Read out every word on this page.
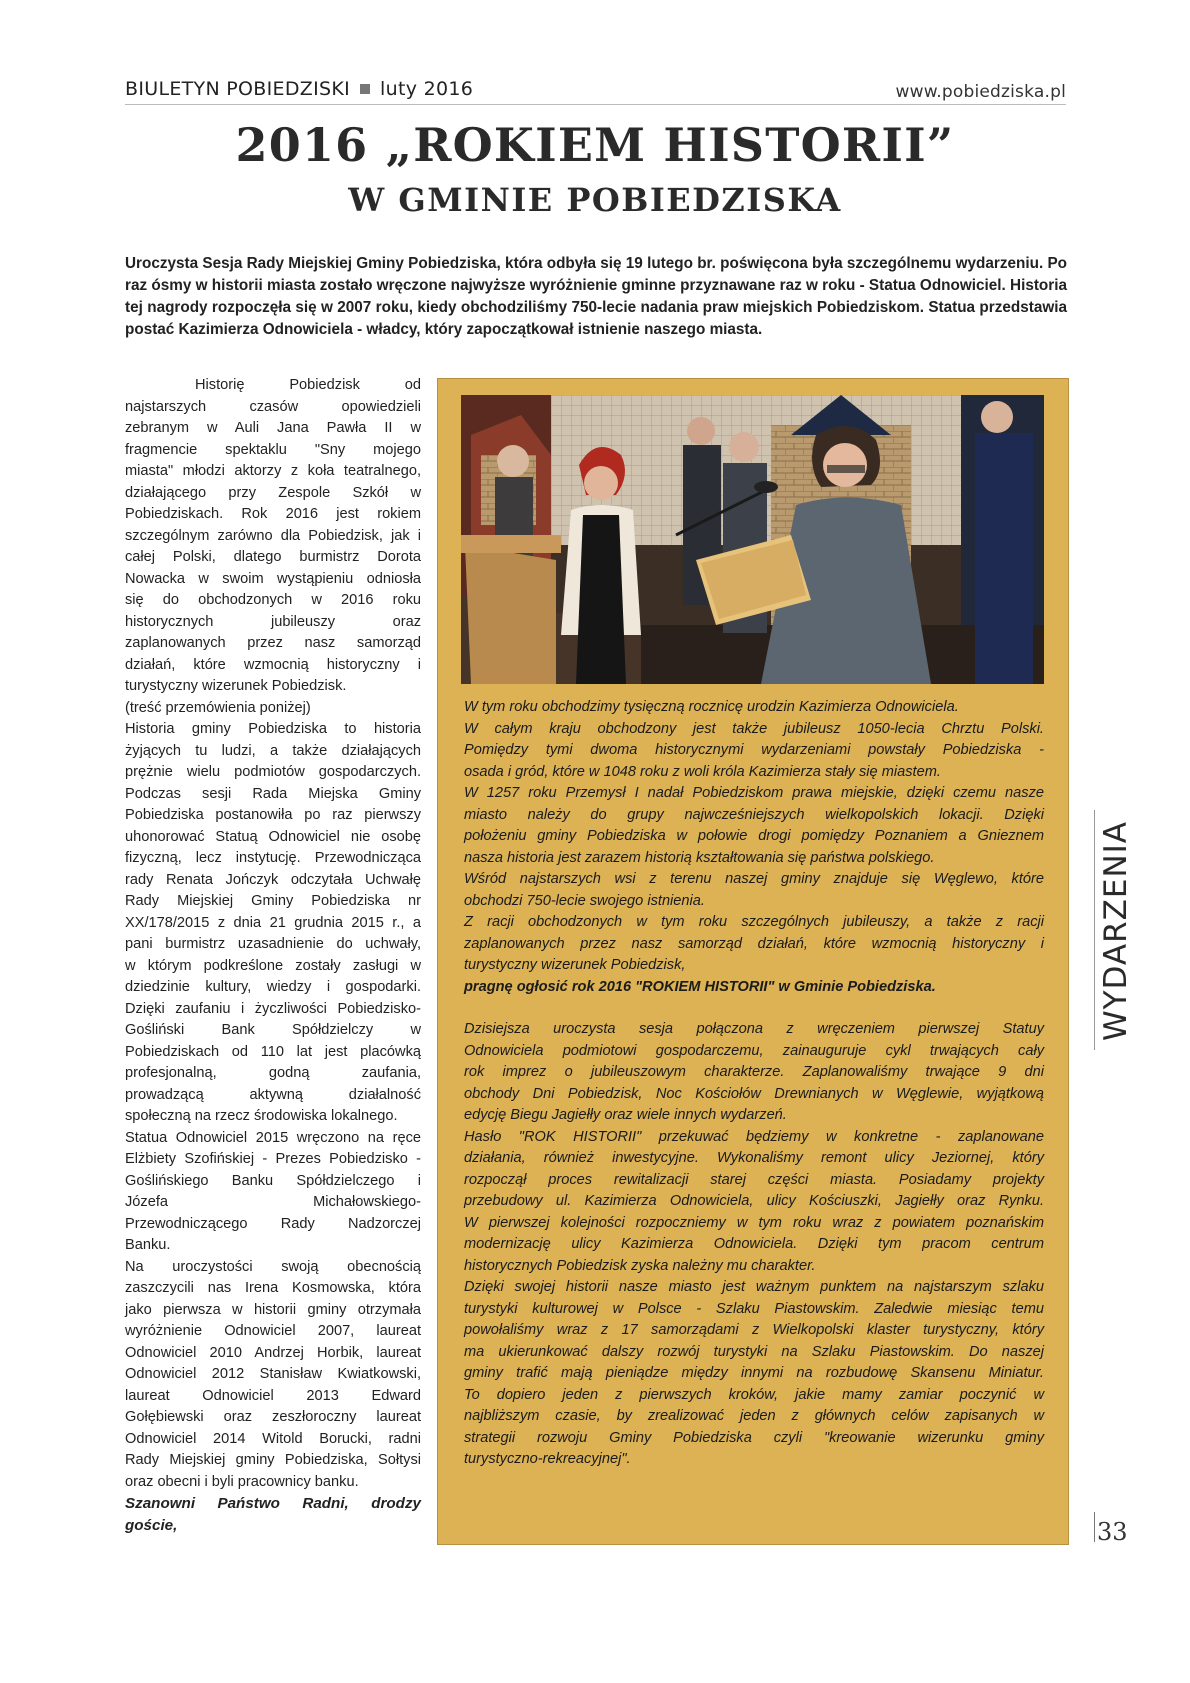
BIULETYN POBIEDZISKI luty 2016	www.pobiedziska.pl
2016 „ROKIEM HISTORII”
W GMINIE POBIEDZISKA
Uroczysta Sesja Rady Miejskiej Gminy Pobiedziska, która odbyła się 19 lutego br. poświęcona była szczególnemu wydarzeniu. Po
raz ósmy w historii miasta zostało wręczone najwyższe wyróżnienie gminne przyznawane raz w roku - Statua Odnowiciel. Historia
tej nagrody rozpoczęła się w 2007 roku, kiedy obchodziliśmy 750-lecie nadania praw miejskich Pobiedziskom. Statua przedstawia
postać Kazimierza Odnowiciela - władcy, który zapoczątkował istnienie naszego miasta.
Historię Pobiedzisk od
najstarszych czasów opowiedzieli
zebranym w Auli Jana Pawła II w
fragmencie spektaklu "Sny mojego
miasta" młodzi aktorzy z koła teatralnego,
działającego przy Zespole Szkół w
Pobiedziskach. Rok 2016 jest rokiem
szczególnym zarówno dla Pobiedzisk, jak i
całej Polski, dlatego burmistrz Dorota
Nowacka w swoim wystąpieniu odniosła
się do obchodzonych w 2016 roku
historycznych jubileuszy oraz
zaplanowanych przez nasz samorząd
działań, które wzmocnią historyczny i
turystyczny wizerunek Pobiedzisk.
(treść przemówienia poniżej)
Historia gminy Pobiedziska to historia
żyjących tu ludzi, a także działających
prężnie wielu podmiotów gospodarczych.
Podczas sesji Rada Miejska Gminy
Pobiedziska postanowiła po raz pierwszy
uhonorować Statuą Odnowiciel nie osobę
fizyczną, lecz instytucję. Przewodnicząca
rady Renata Jończyk odczytała Uchwałę
Rady Miejskiej Gminy Pobiedziska nr
XX/178/2015 z dnia 21 grudnia 2015 r., a
pani burmistrz uzasadnienie do uchwały,
w którym podkreślone zostały zasługi w
dziedzinie kultury, wiedzy i gospodarki.
Dzięki zaufaniu i życzliwości Pobiedzisko-
Gośliński Bank Spółdzielczy w
Pobiedziskach od 110 lat jest placówką
profesjonalną, godną zaufania,
prowadzącą aktywną działalność
społeczną na rzecz środowiska lokalnego.
Statua Odnowiciel 2015 wręczono na ręce
Elżbiety Szofińskiej - Prezes Pobiedzisko -
Goślińskiego Banku Spółdzielczego i
Józefa Michałowskiego-
Przewodniczącego Rady Nadzorczej
Banku.
Na uroczystości swoją obecnością
zaszczycili nas Irena Kosmowska, która
jako pierwsza w historii gminy otrzymała
wyróżnienie Odnowiciel 2007, laureat
Odnowiciel 2010 Andrzej Horbik, laureat
Odnowiciel 2012 Stanisław Kwiatkowski,
laureat Odnowiciel 2013 Edward
Gołębiewski oraz zeszłoroczny laureat
Odnowiciel 2014 Witold Borucki, radni
Rady Miejskiej gminy Pobiedziska, Sołtysi
oraz obecni i byli pracownicy banku.
Szanowni Państwo Radni, drodzy
goście,
W tym roku obchodzimy tysięczną rocznicę urodzin Kazimierza Odnowiciela.
W całym kraju obchodzony jest także jubileusz 1050-lecia Chrztu Polski.
Pomiędzy tymi dwoma historycznymi wydarzeniami powstały Pobiedziska -
osada i gród, które w 1048 roku z woli króla Kazimierza stały się miastem.
W 1257 roku Przemysł I nadał Pobiedziskom prawa miejskie, dzięki czemu nasze
miasto należy do grupy najwcześniejszych wielkopolskich lokacji. Dzięki
położeniu gminy Pobiedziska w połowie drogi pomiędzy Poznaniem a Gnieznem
nasza historia jest zarazem historią kształtowania się państwa polskiego.
Wśród najstarszych wsi z terenu naszej gminy znajduje się Węglewo, które
obchodzi 750-lecie swojego istnienia.
Z racji obchodzonych w tym roku szczególnych jubileuszy, a także z racji
zaplanowanych przez nasz samorząd działań, które wzmocnią historyczny i
turystyczny wizerunek Pobiedzisk,
pragnę ogłosić rok 2016 "ROKIEM HISTORII" w Gminie Pobiedziska.
Dzisiejsza uroczysta sesja połączona z wręczeniem pierwszej Statuy
Odnowiciela podmiotowi gospodarczemu, zainauguruje cykl trwających cały
rok imprez o jubileuszowym charakterze. Zaplanowaliśmy trwające 9 dni
obchody Dni Pobiedzisk, Noc Kościołów Drewnianych w Węglewie, wyjątkową
edycję Biegu Jagiełły oraz wiele innych wydarzeń.
Hasło "ROK HISTORII" przekuwać będziemy w konkretne - zaplanowane
działania, również inwestycyjne. Wykonaliśmy remont ulicy Jeziornej, który
rozpoczął proces rewitalizacji starej części miasta. Posiadamy projekty
przebudowy ul. Kazimierza Odnowiciela, ulicy Kościuszki, Jagiełły oraz Rynku.
W pierwszej kolejności rozpoczniemy w tym roku wraz z powiatem poznańskim
modernizację ulicy Kazimierza Odnowiciela. Dzięki tym pracom centrum
historycznych Pobiedzisk zyska należny mu charakter.
Dzięki swojej historii nasze miasto jest ważnym punktem na najstarszym szlaku
turystyki kulturowej w Polsce - Szlaku Piastowskim. Zaledwie miesiąc temu
powołaliśmy wraz z 17 samorządami z Wielkopolski klaster turystyczny, który
ma ukierunkować dalszy rozwój turystyki na Szlaku Piastowskim. Do naszej
gminy trafić mają pieniądze między innymi na rozbudowę Skansenu Miniatur.
To dopiero jeden z pierwszych kroków, jakie mamy zamiar poczynić w
najbliższym czasie, by zrealizować jeden z głównych celów zapisanych w
strategii rozwoju Gminy Pobiedziska czyli "kreowanie wizerunku gminy
turystyczno-rekreacyjnej".
WYDARZENIA
33
